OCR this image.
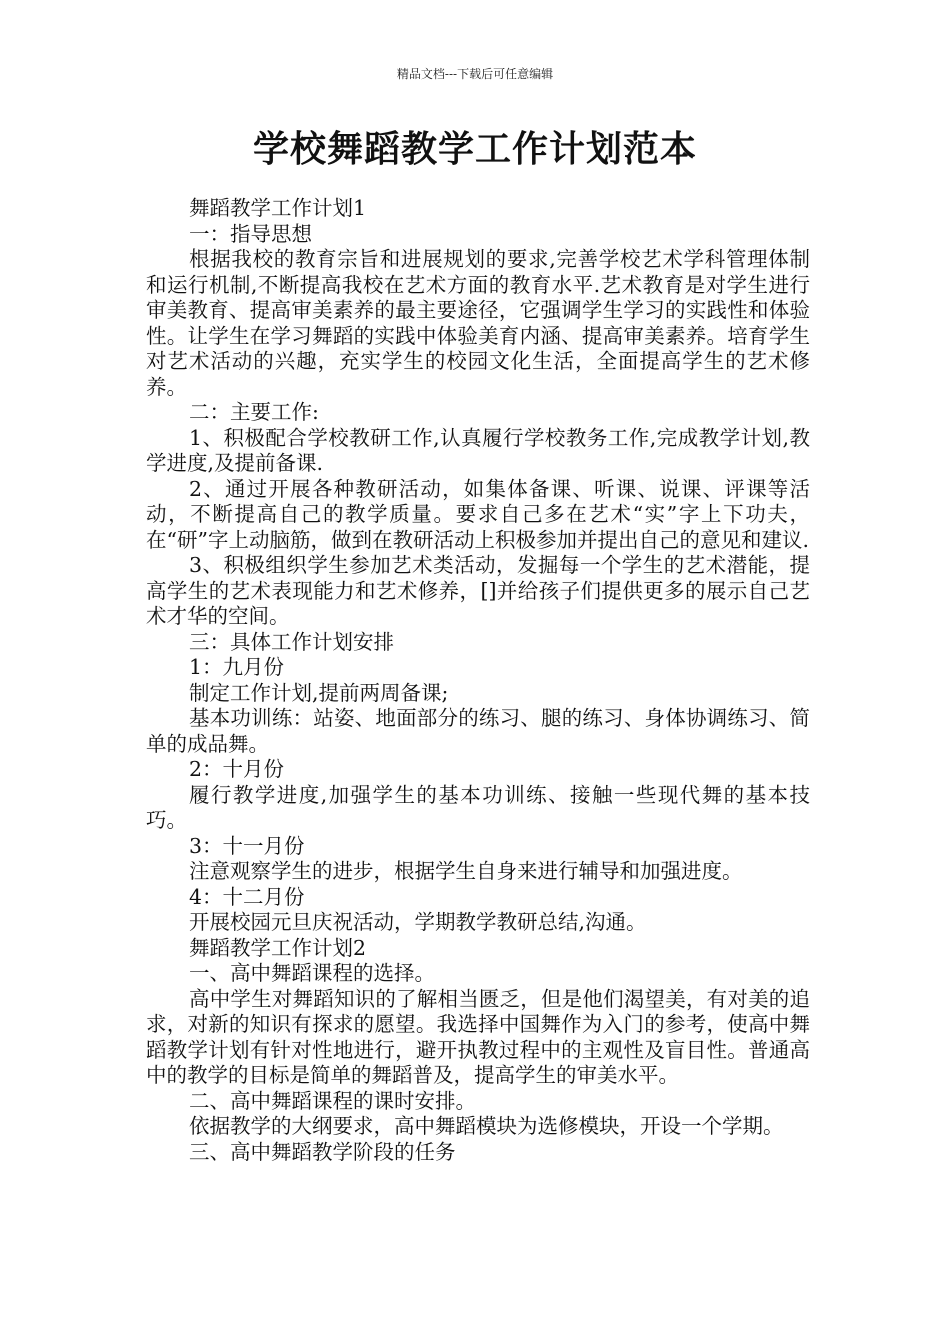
精品文档---下载后可任意编辑
学校舞蹈教学工作计划范本

舞蹈教学工作计划1

一：指导思想

根据我校的教育宗旨和进展规划的要求,完善学校艺术学科管理体制和运行机制,不断提高我校在艺术方面的教育水平.艺术教育是对学生进行审美教育、提高审美素养的最主要途径，它强调学生学习的实践性和体验性。让学生在学习舞蹈的实践中体验美育内涵、提高审美素养。培育学生对艺术活动的兴趣，充实学生的校园文化生活，全面提高学生的艺术修养。

二：主要工作:

1、积极配合学校教研工作,认真履行学校教务工作,完成教学计划,教学进度,及提前备课.

2、通过开展各种教研活动，如集体备课、听课、说课、评课等活动，不断提高自己的教学质量。要求自己多在艺术“实”字上下功夫，在“研”字上动脑筋，做到在教研活动上积极参加并提出自己的意见和建议.

3、积极组织学生参加艺术类活动，发掘每一个学生的艺术潜能，提高学生的艺术表现能力和艺术修养，[]并给孩子们提供更多的展示自己艺术才华的空间。

三：具体工作计划安排

1：九月份

制定工作计划,提前两周备课;

基本功训练：站姿、地面部分的练习、腿的练习、身体协调练习、简单的成品舞。

2：十月份

履行教学进度,加强学生的基本功训练、接触一些现代舞的基本技巧。

3：十一月份

注意观察学生的进步，根据学生自身来进行辅导和加强进度。

4：十二月份

开展校园元旦庆祝活动，学期教学教研总结,沟通。

舞蹈教学工作计划2

一、高中舞蹈课程的选择。

高中学生对舞蹈知识的了解相当匮乏，但是他们渴望美，有对美的追求，对新的知识有探求的愿望。我选择中国舞作为入门的参考，使高中舞蹈教学计划有针对性地进行，避开执教过程中的主观性及盲目性。普通高中的教学的目标是简单的舞蹈普及，提高学生的审美水平。

二、高中舞蹈课程的课时安排。

依据教学的大纲要求，高中舞蹈模块为选修模块，开设一个学期。

三、高中舞蹈教学阶段的任务
